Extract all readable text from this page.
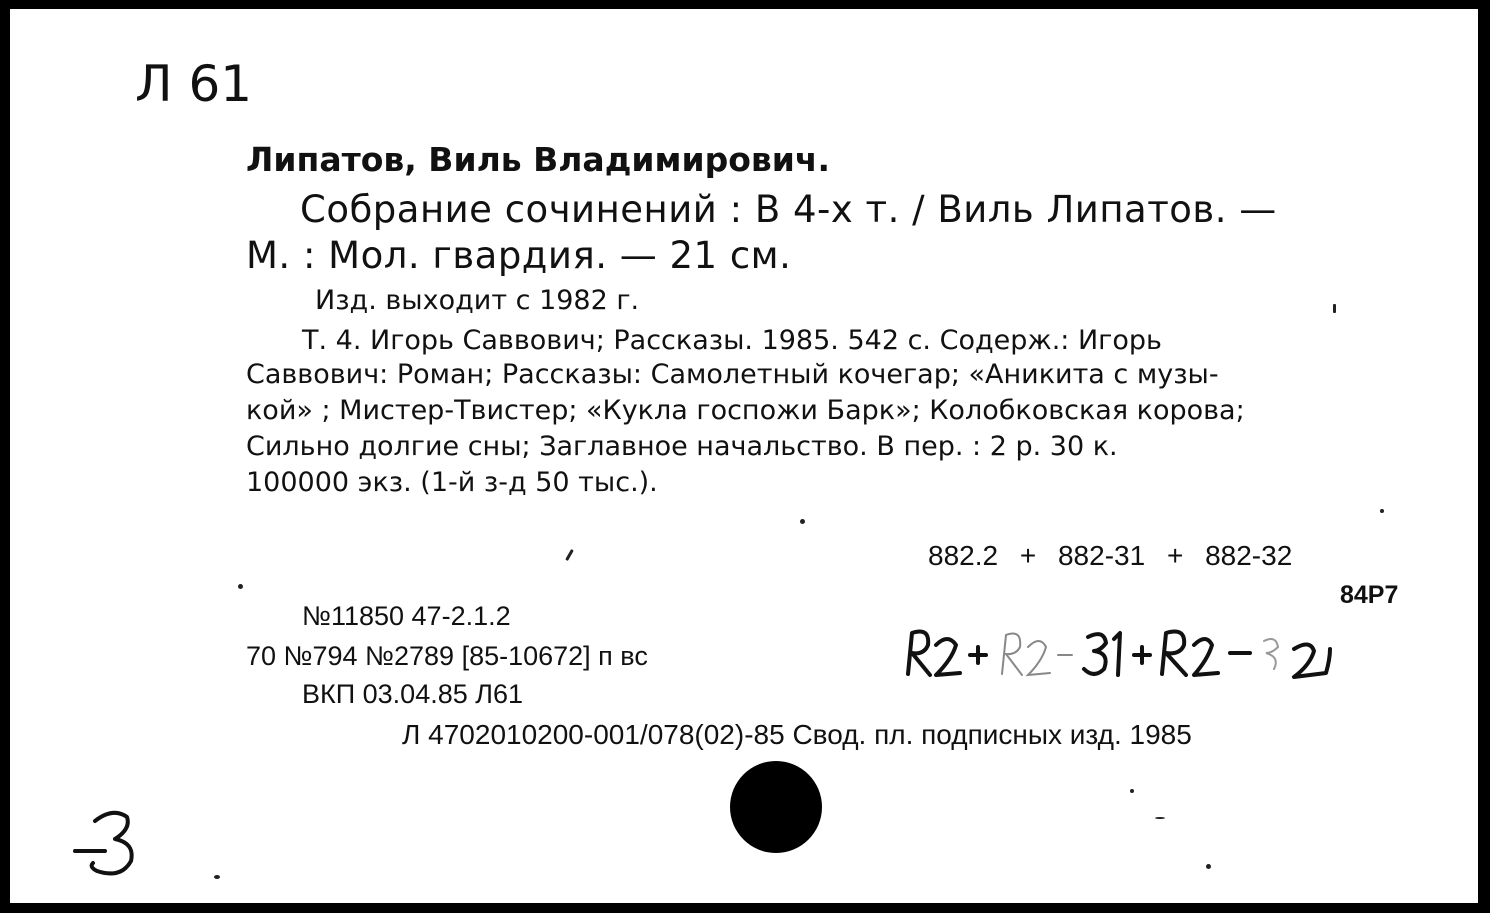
Л 61
Липатов, Виль Владимирович.
Собрание сочинений : В 4-х т. / Виль Липатов. —
М. : Мол. гвардия. — 21 см.
Изд. выходит с 1982 г.
Т. 4. Игорь Саввович; Рассказы. 1985. 542 с. Содерж.: Игорь
Саввович: Роман; Рассказы: Самолетный кочегар; «Аникита с музы-
кой» ; Мистер-Твистер; «Кукла госпожи Барк»; Колобковская корова;
Сильно долгие сны; Заглавное начальство. В пер. : 2 р. 30 к.
100000 экз. (1-й з-д 50 тыс.).
882.2 + 882-31 + 882-32
84Р7
№11850 47-2.1.2
70 №794 №2789 [85-10672] п вс
ВКП 03.04.85 Л61
Л 4702010200-001/078(02)-85 Свод. пл. подписных изд. 1985
